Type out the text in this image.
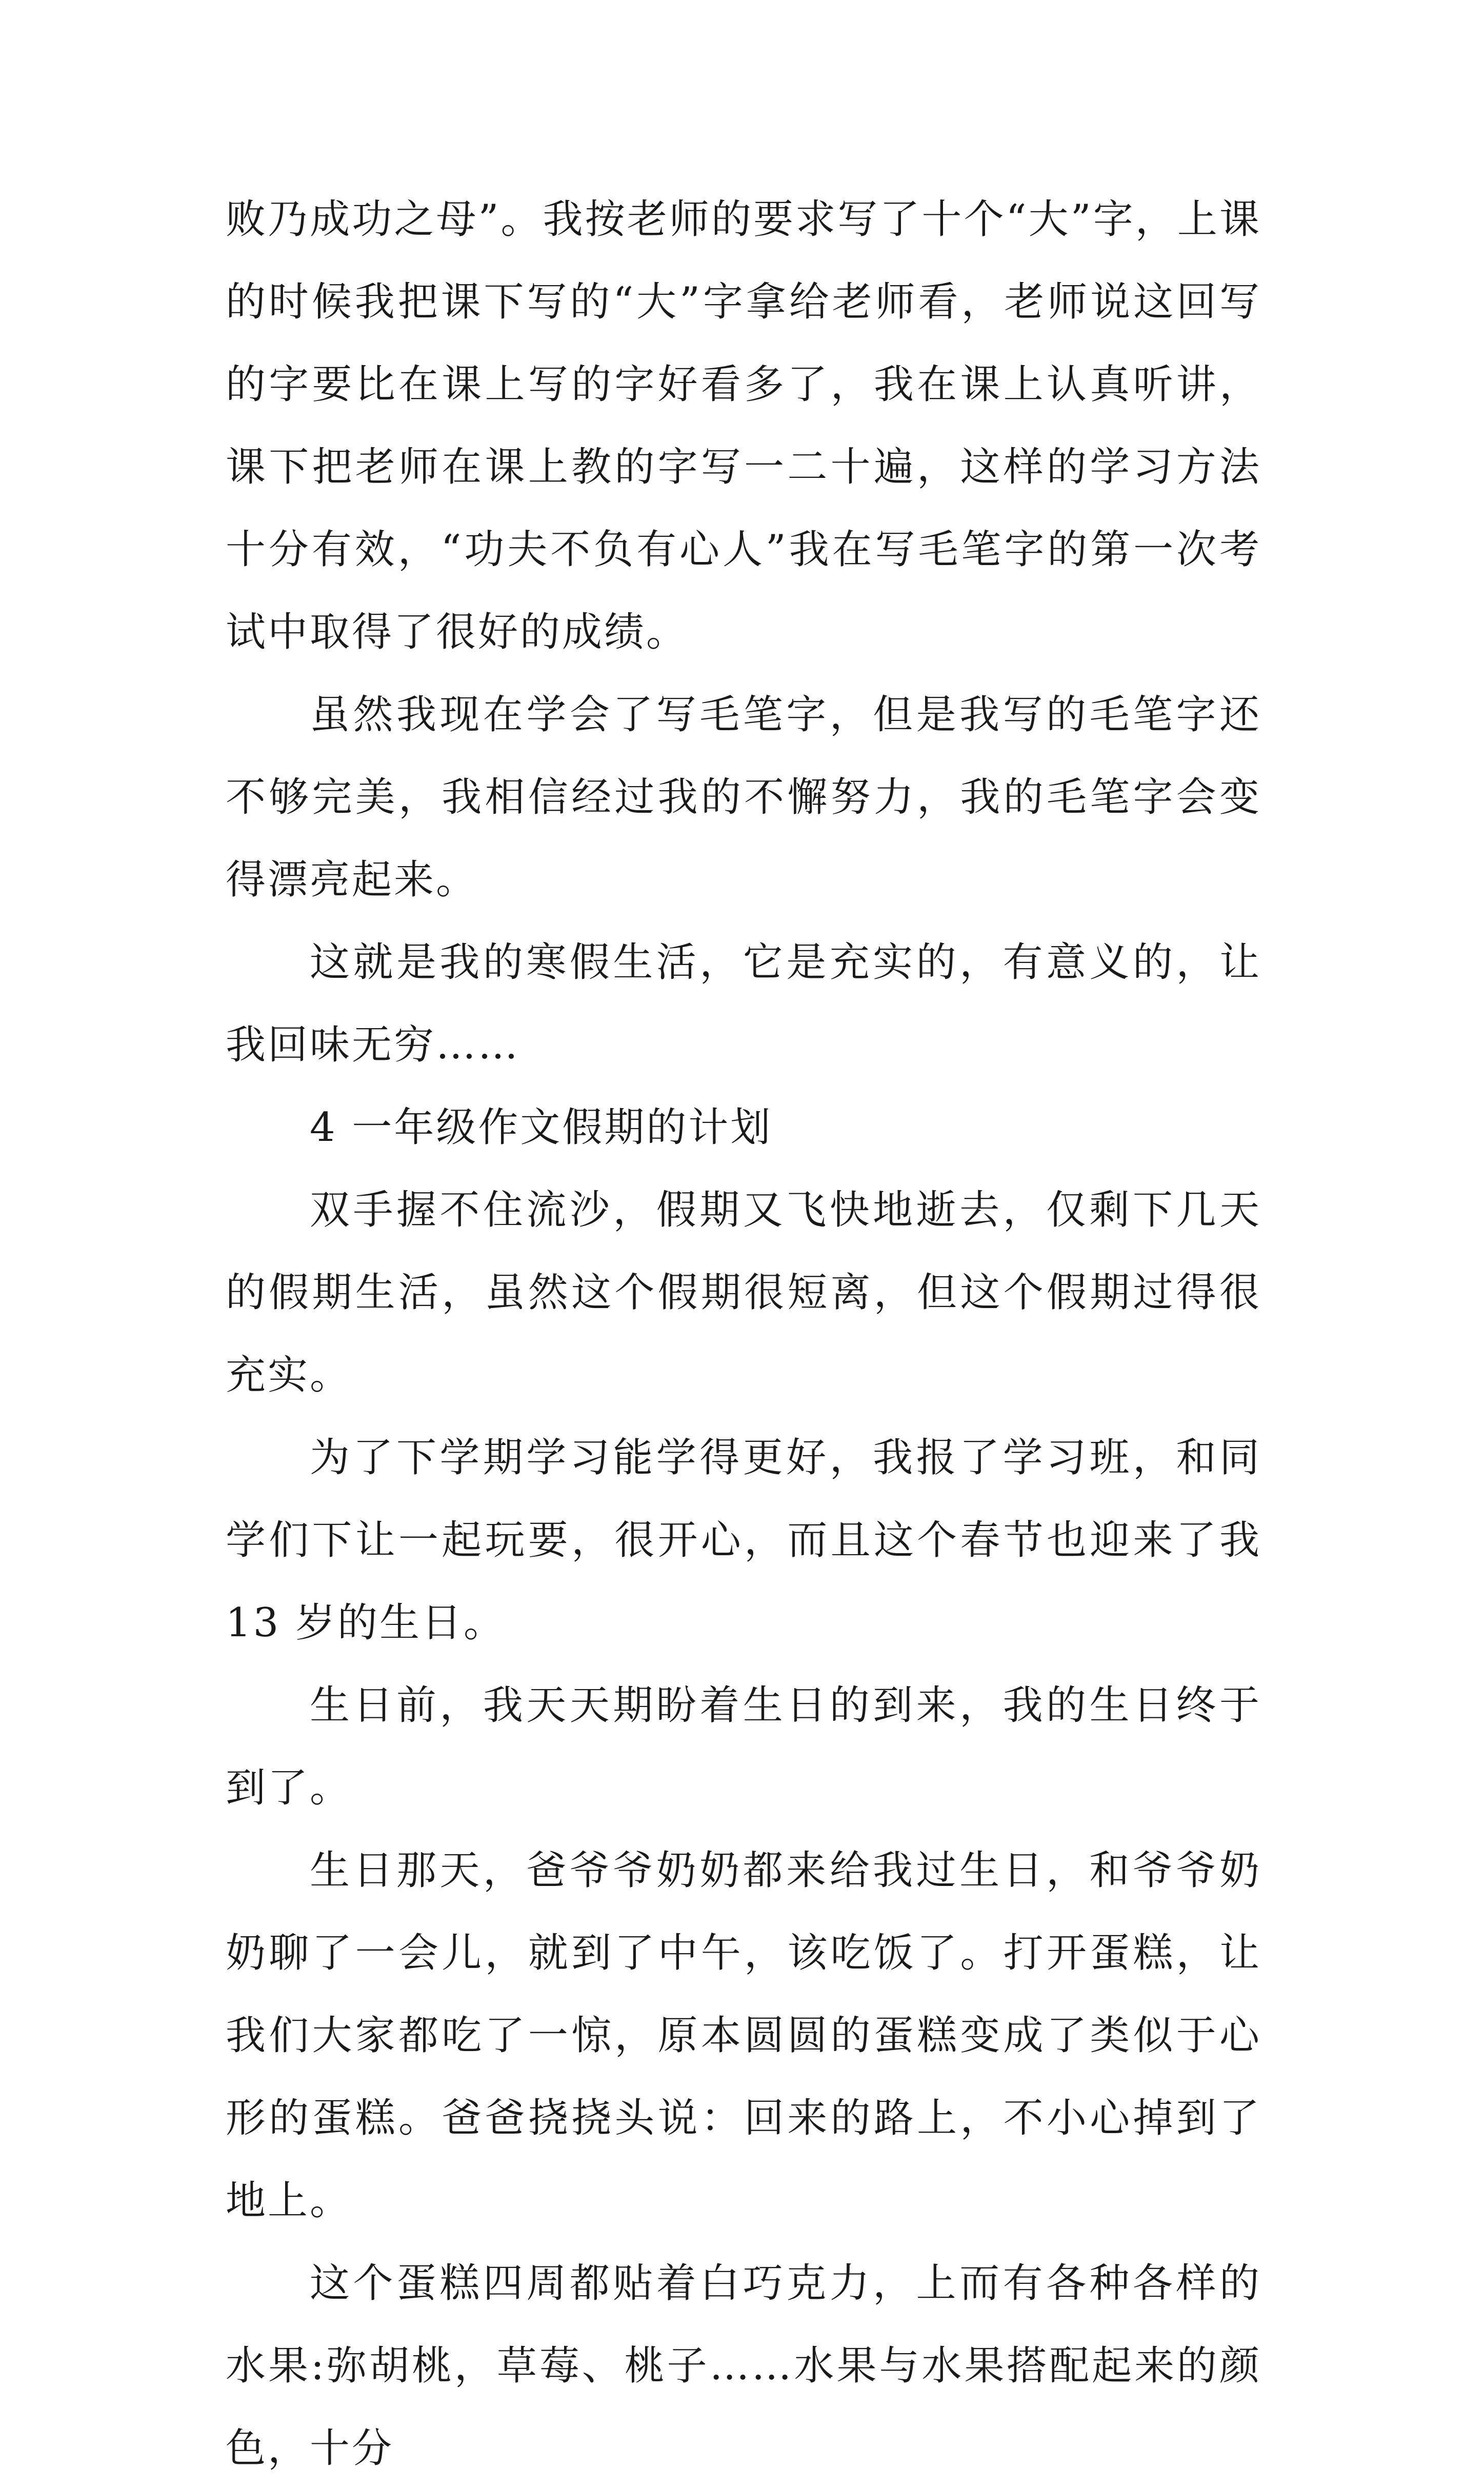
败乃成功之母”。我按老师的要求写了十个“大”字，上课的时候我把课下写的“大”字拿给老师看，老师说这回写的字要比在课上写的字好看多了，我在课上认真听讲，课下把老师在课上教的字写一二十遍，这样的学习方法十分有效，“功夫不负有心人”我在写毛笔字的第一次考试中取得了很好的成绩。

虽然我现在学会了写毛笔字，但是我写的毛笔字还不够完美，我相信经过我的不懈努力，我的毛笔字会变得漂亮起来。

这就是我的寒假生活，它是充实的，有意义的，让我回味无穷……

4 一年级作文假期的计划

双手握不住流沙，假期又飞快地逝去，仅剩下几天的假期生活，虽然这个假期很短离，但这个假期过得很充实。

为了下学期学习能学得更好，我报了学习班，和同学们下让一起玩要，很开心，而且这个春节也迎来了我 13 岁的生日。

生日前，我天天期盼着生日的到来，我的生日终于到了。

生日那天，爸爷爷奶奶都来给我过生日，和爷爷奶奶聊了一会儿，就到了中午，该吃饭了。打开蛋糕，让我们大家都吃了一惊，原本圆圆的蛋糕变成了类似于心形的蛋糕。爸爸挠挠头说：回来的路上，不小心掉到了地上。

这个蛋糕四周都贴着白巧克力，上而有各种各样的水果:弥胡桃，草莓、桃子……水果与水果搭配起来的颜色，十分
